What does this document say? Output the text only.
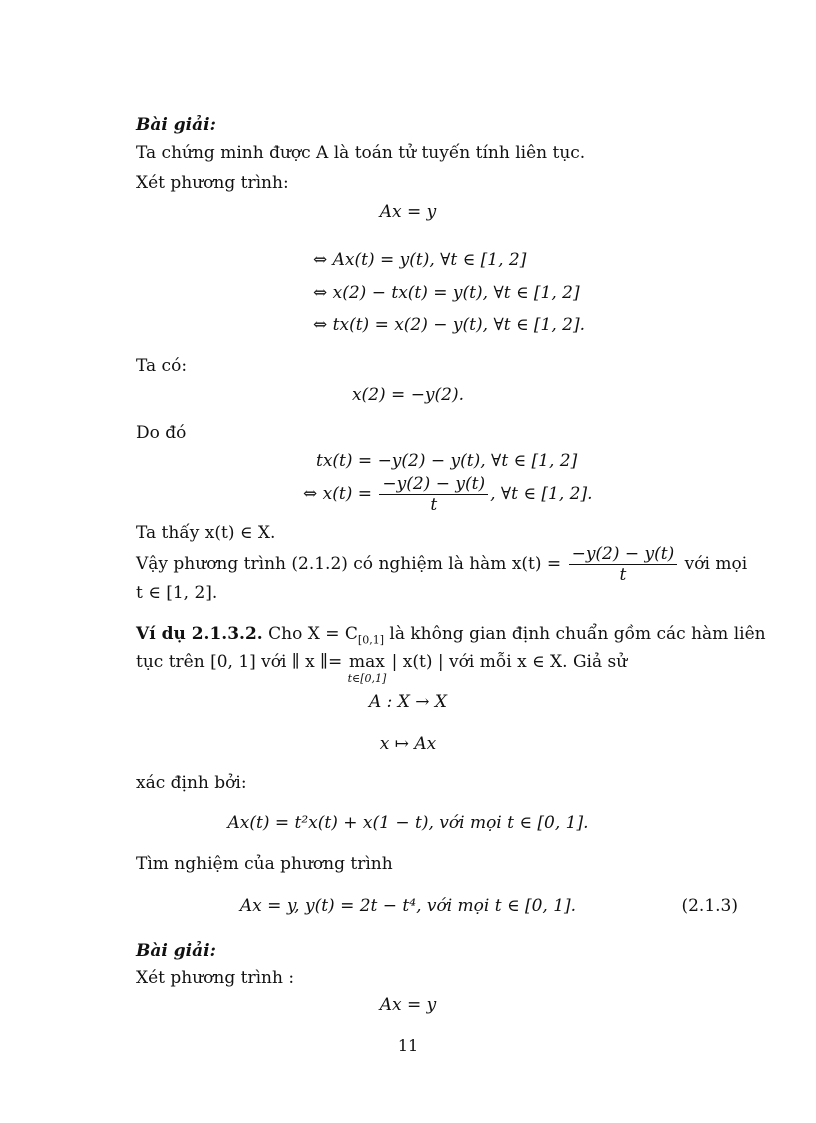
Bài giải:
Ta chứng minh được A là toán tử tuyến tính liên tục.
Xét phương trình:
Ax = y
⇔ Ax(t) = y(t), ∀t ∈ [1, 2]
⇔ x(2) − tx(t) = y(t), ∀t ∈ [1, 2]
⇔ tx(t) = x(2) − y(t), ∀t ∈ [1, 2].
Ta có:
x(2) = −y(2).
Do đó
tx(t) = −y(2) − y(t), ∀t ∈ [1, 2]
⇔ $x(t) = \frac{-y(2) - y(t)}{t}$ , ∀t ∈ [1, 2].
Ta thấy x(t) ∈ X.
Vậy phương trình (2.1.2) có nghiệm là hàm $x(t) = \frac{-y(2) - y(t)}{t}$ với mọi
t ∈ [1, 2].
Ví dụ 2.1.3.2. Cho $X = C_{[0,1]}$ là không gian định chuẩn gồm các hàm liên
tục trên [0, 1] với ∥ x ∥= max
t∈[0,1]
| x(t) | với mỗi x ∈ X. Giả sử
A : X → X
x ↦ Ax
xác định bởi:
Ax(t) = t²x(t) + x(1 − t), với mọi t ∈ [0, 1].
Tìm nghiệm của phương trình
Ax = y, y(t) = 2t − t⁴, với mọi t ∈ [0, 1].	(2.1.3)
Bài giải:
Xét phương trình :
Ax = y
11
